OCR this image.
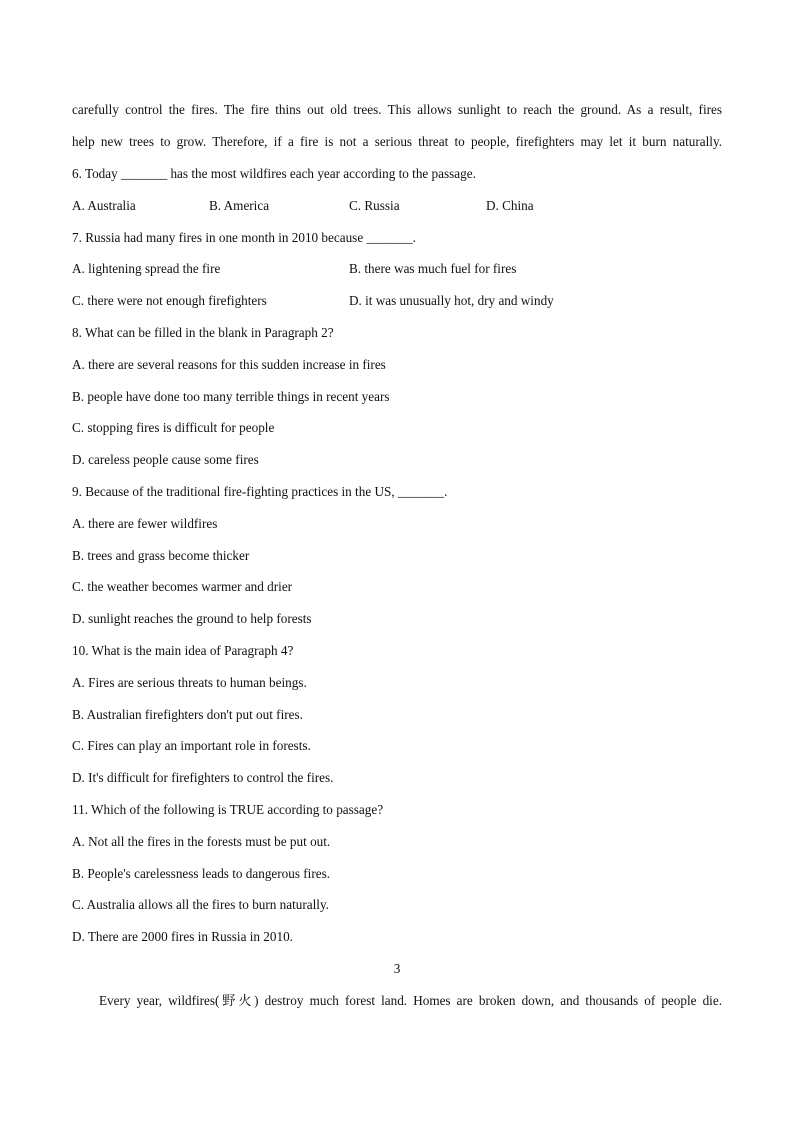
carefully control the fires. The fire thins out old trees. This allows sunlight to reach the ground. As a result, fires
help new trees to grow. Therefore, if a fire is not a serious threat to people, firefighters may let it burn naturally.
6. Today _______ has the most wildfires each year according to the passage.
A. Australia	B. America	C. Russia	D. China
7. Russia had many fires in one month in 2010 because _______.
A. lightening spread the fire	B. there was much fuel for fires
C. there were not enough firefighters	D. it was unusually hot, dry and windy
8. What can be filled in the blank in Paragraph 2?
A. there are several reasons for this sudden increase in fires
B. people have done too many terrible things in recent years
C. stopping fires is difficult for people
D. careless people cause some fires
9. Because of the traditional fire-fighting practices in the US, _______.
A. there are fewer wildfires
B. trees and grass become thicker
C. the weather becomes warmer and drier
D. sunlight reaches the ground to help forests
10. What is the main idea of Paragraph 4?
A. Fires are serious threats to human beings.
B. Australian firefighters don't put out fires.
C. Fires can play an important role in forests.
D. It's difficult for firefighters to control the fires.
11. Which of the following is TRUE according to passage?
A. Not all the fires in the forests must be put out.
B. People's carelessness leads to dangerous fires.
C. Australia allows all the fires to burn naturally.
D. There are 2000 fires in Russia in 2010.
3
Every year, wildfires(野火) destroy much forest land. Homes are broken down, and thousands of people die.
